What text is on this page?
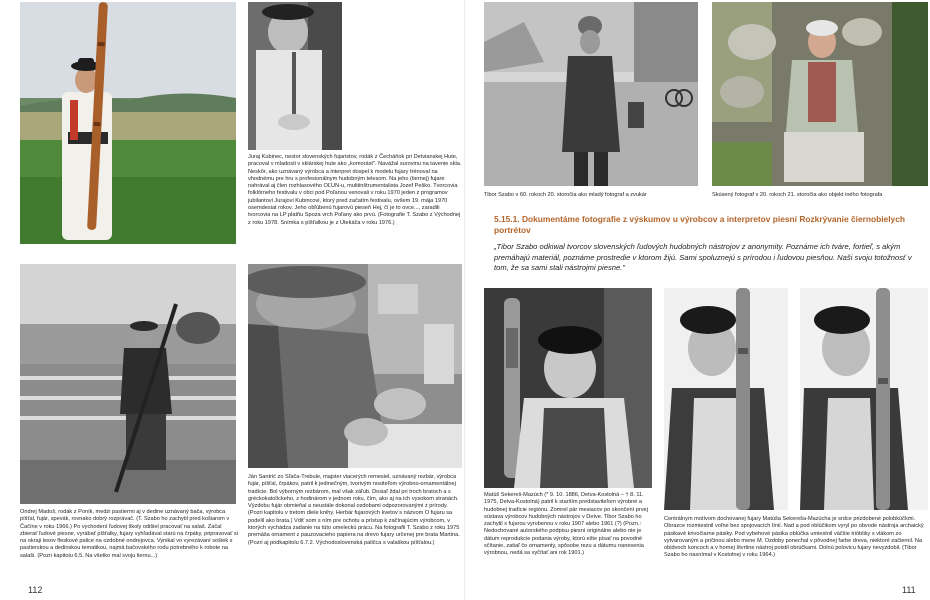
Juraj Kubinec, nestor slovenských fujaristov, rodák z Čecháňok pri Detvianskej Hute, pracoval v mladosti v sklárskej hute ako „komorást". Navážal surovinu na tavenie skla. Neskôr, ako uznávaný výrobca a interpret dospel k modelu fujary trénoval na vhodnému pre hru s profesionálnym hudobným telesom. Na jeho (tiernej) fujare nahrával aj člen rozhlasového OĽUN-u, multiinštrumentalista Jozef Peško. Tvorcovia folklórneho festivalu v obci pod Poľanou venovali v roku 1970 jeden z programov jubilantovi Jurajovi Kubincovi, ktorý pred začatím festivalu, ovšem 19. mája 1970 osemdesiat rokov. Jeho obľúbenú fujarovú pieseň Hej, čí je to ovce..., zaradili tvorcovia na LP platňu Spoza vrch Poľany ako prvú. (Fotografie T. Szabo z Východnej z roku 1978. Snímka s píšťalkou je z Utekáča v roku 1976.)
Ondrej Madoš, rodák z Poník, medzi pastiermi aj v dedine uznávaný bača, výrobca píšťal, fujár, spevák, rovnako dobrý rozprávač. (T. Szabo ho zachytil pred košiarom v Čačíne v roku 1966.) Po vychodení ľudovej školy odišiel pracovať na salaš. Začal zbierať ľudové piesne, vyrábať píšťalky, fujary vyhľadával starú na črpáky, pripravovať si na okraji lesov fleskové palice na ozdobné ondrejovca. Vynikal vo vyrezávaní sošiek s pastierskou a dedinskou tematikou, najmä bačovského rodu potrebného k robote na salaši. (Pozri kapitolu 6.5. Na všetko mal svoju liernu...)
Ján Santrić zo Sľača-Trebule, majster viacerých remesiel, uznávaný rezbár, výrobca fujár, píšťal, črpákov, patril k jedinečným, tvorivým nositeľom výrobno-ornamentálnej tradície. Bol výborným rezbárom, mal však záľub. Dosiaľ ždal pri troch bratoch a s gréckokatolíckeho, z hodinárom v jednom roku, čím, ako aj na ich vysokom stranách. Výzdobu fujár obmieňal a neustále dokonal ozdobami odpozorovanými z prírody. (Pozri kapitolu v tretom diele knihy. Herbár fujarových kvetov s názvom O fujaru sa podelil ako brata.) Vdiť som s ním pre ochotu a prístup k začínajúcim výrobcom, v ktorých vychádza zadanie na túto umeleckú prácu. Na fotografii T. Szabo z roku 1975 premáša ornament z pauzovacieho papiera na drevo fujary určenej pre brata Martina. (Pozri aj podkapitolu 6.7.2. Východoslovenská paličca s valaškou píšťalou.)
112
Tibor Szabo v 60. rokoch 20. storočia ako mladý fotograf a zvukár	Skúsený fotograf v 20. rokoch 21. storočia ako objekt iného fotografa
5.15.1. Dokumentáme fotografie z výskumov u výrobcov a interpretov piesní Rozkrývanie čiernobielych portrétov
„Tibor Szabo odkiwal tvorcov slovenských ľudových hudobných nástrojov z anonymity. Poznáme ich tváre, fortieľ, s akým premáhajú materiál, poznáme prostredie v ktorom žijú. Sami spoluznejú s prírodou i ľudovou piesňou. Naši svoju totožnosť v tom, že sa sami stali nástrojmi piesne."
Matúš Sekereš-Mazúch (* 9. 10. 1886, Detva-Kostolná – † 8. 11. 1975, Detva-Kostolná) patril k starším predstaviteľom výrobné a hudobnej tradície regiónu. Zomrel pár mesiacov po skončení prvej sústava výrobcov hudobných nástrojov v Detve. Tibor Szabo ho zachytil s fujarou vyrobenou v roku 1907 alebo 1961 (?) (Pozn.: Nedochované autorského podpisu piesní originálne alebo nie je dátum reprodukcie podania výroby, ktorú ešte písať na povodné sčítanie, zatiaľ čo ornamenty, spôsobe rezu a dátumu nanesenia výrobnou, nedá sa vyčítať ani rok 1901.)
Centrálnym motívom dochovanej fujary Matúša Sekereša-Mazúcha je srdce prizdobené polobkúčkmi. Obrazce rozmiestnil voľne bez spojovacích línií. Nad a pod oblúčikom vyryl po obvode nástroja archaický pásikavé krivočiarne pásiky. Pod vybehové pásika oblúčka umiestnil väčšie trióbliky s vlákom zo vytvarovaným a príčinou alebo mene M. Ozdoby ponechal v pôvodnej farbe dreva, niektoré začiernil. Na obidvoch koncoch a v hornej štvrtine nástroj poistil obrúčkami. Dolnú polovicu fujary nevyzdobil. (Tibor Szabo ho nasnímal v Kostolnej v roku 1964.)
111
